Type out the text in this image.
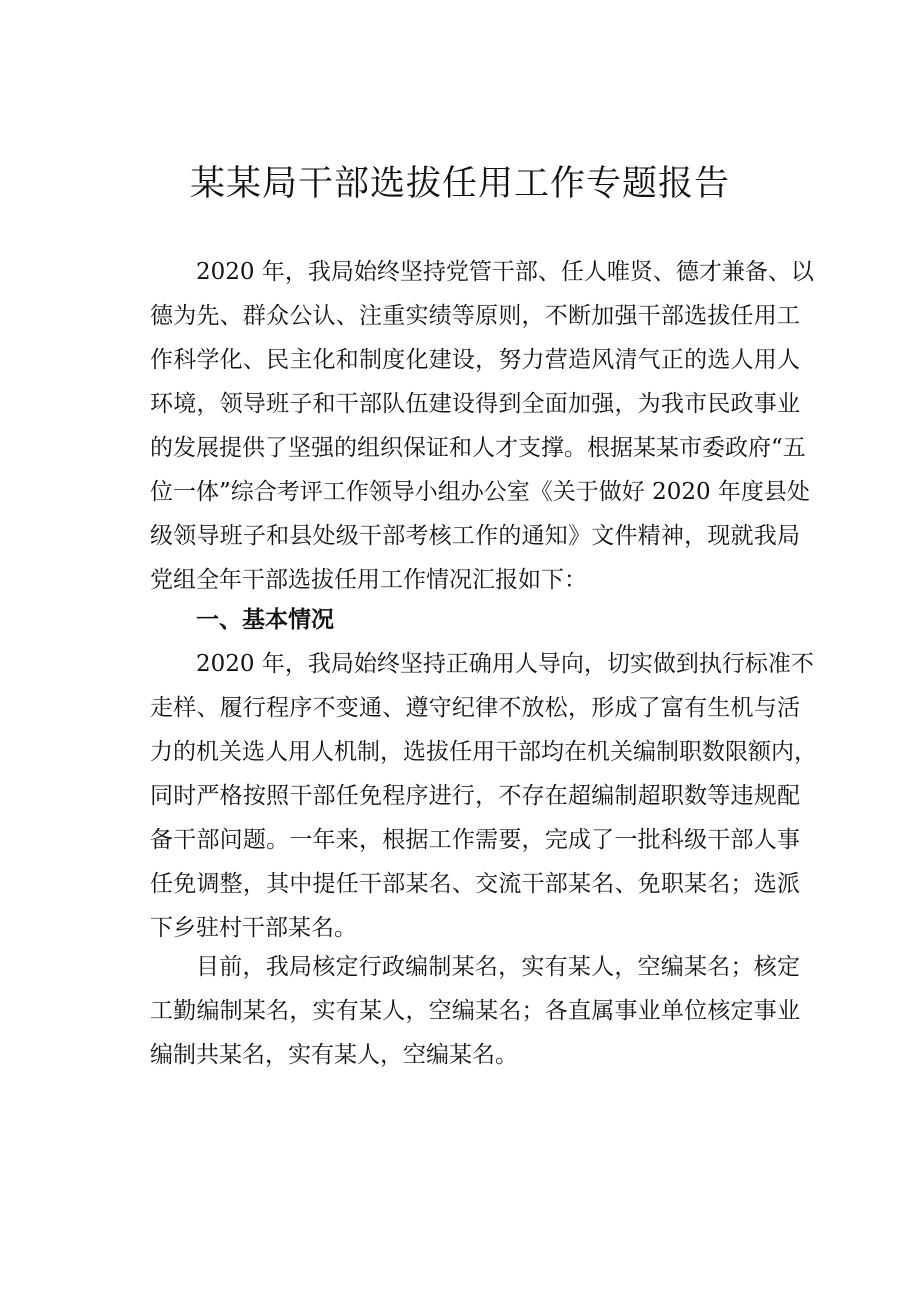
某某局干部选拔任用工作专题报告
2020 年，我局始终坚持党管干部、任人唯贤、德才兼备、以
德为先、群众公认、注重实绩等原则，不断加强干部选拔任用工
作科学化、民主化和制度化建设，努力营造风清气正的选人用人
环境，领导班子和干部队伍建设得到全面加强，为我市民政事业
的发展提供了坚强的组织保证和人才支撑。根据某某市委政府“五
位一体”综合考评工作领导小组办公室《关于做好 2020 年度县处
级领导班子和县处级干部考核工作的通知》文件精神，现就我局
党组全年干部选拔任用工作情况汇报如下：
一、基本情况
2020 年，我局始终坚持正确用人导向，切实做到执行标准不
走样、履行程序不变通、遵守纪律不放松，形成了富有生机与活
力的机关选人用人机制，选拔任用干部均在机关编制职数限额内，
同时严格按照干部任免程序进行，不存在超编制超职数等违规配
备干部问题。一年来，根据工作需要，完成了一批科级干部人事
任免调整，其中提任干部某名、交流干部某名、免职某名；选派
下乡驻村干部某名。
目前，我局核定行政编制某名，实有某人，空编某名；核定
工勤编制某名，实有某人，空编某名；各直属事业单位核定事业
编制共某名，实有某人，空编某名。
